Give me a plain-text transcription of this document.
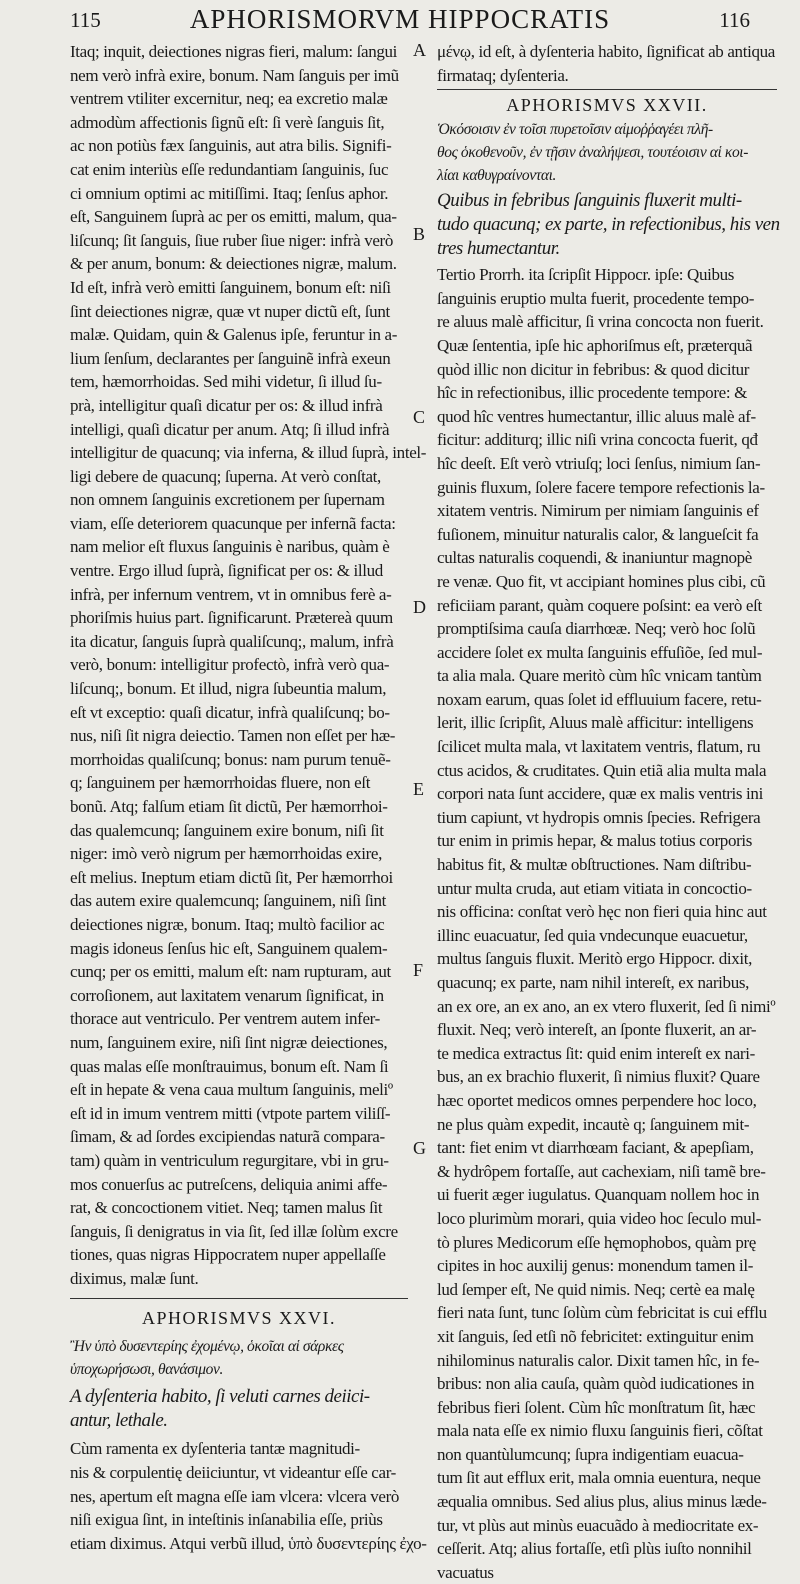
115	APHORISMORVM HIPPOCRATIS	116
Itaq; inquit, deiectiones nigras fieri, malum: ſangui
nem verò infrà exire, bonum. Nam ſanguis per imũ
ventrem vtiliter excernitur, neq; ea excretio malæ
admodùm affectionis ſignũ eſt: ſi verè ſanguis ſit,
ac non potiùs fæx ſanguinis, aut atra bilis. Signifi-
cat enim interiùs eſſe redundantiam ſanguinis, ſuc
ci omnium optimi ac mitiſſimi. Itaq; ſenſus aphor.
eſt, Sanguinem ſuprà ac per os emitti, malum, qua-
liſcunq; ſit ſanguis, ſiue ruber ſiue niger: infrà verò
& per anum, bonum: & deiectiones nigræ, malum.
Id eſt, infrà verò emitti ſanguinem, bonum eſt: niſi
ſint deiectiones nigræ, quæ vt nuper dictũ eſt, ſunt
malæ. Quidam, quin & Galenus ipſe, feruntur in a-
lium ſenſum, declarantes per ſanguinẽ infrà exeun
tem, hæmorrhoidas. Sed mihi videtur, ſi illud ſu-
prà, intelligitur quaſi dicatur per os: & illud infrà
intelligi, quaſi dicatur per anum. Atq; ſi illud infrà
intelligitur de quacunq; via inferna, & illud ſuprà, intel-
ligi debere de quacunq; ſuperna. At verò conſtat,
non omnem ſanguinis excretionem per ſupernam
viam, eſſe deteriorem quacunque per infernã facta:
nam melior eſt fluxus ſanguinis è naribus, quàm è
ventre. Ergo illud ſuprà, ſignificat per os: & illud
infrà, per infernum ventrem, vt in omnibus ferè a-
phoriſmis huius part. ſignificarunt. Prætereà quum
ita dicatur, ſanguis ſuprà qualiſcunq;, malum, infrà
verò, bonum: intelligitur profectò, infrà verò qua-
liſcunq;, bonum. Et illud, nigra ſubeuntia malum,
eſt vt exceptio: quaſi dicatur, infrà qualiſcunq; bo-
nus, niſi ſit nigra deiectio. Tamen non eſſet per hæ-
morrhoidas qualiſcunq; bonus: nam purum tenuẽ-
q; ſanguinem per hæmorrhoidas fluere, non eſt
bonũ. Atq; falſum etiam ſit dictũ, Per hæmorrhoi-
das qualemcunq; ſanguinem exire bonum, niſi ſit
niger: imò verò nigrum per hæmorrhoidas exire,
eſt melius. Ineptum etiam dictũ ſit, Per hæmorrhoi
das autem exire qualemcunq; ſanguinem, niſi ſint
deiectiones nigræ, bonum. Itaq; multò facilior ac
magis idoneus ſenſus hic eſt, Sanguinem qualem-
cunq; per os emitti, malum eſt: nam rupturam, aut
corroſionem, aut laxitatem venarum ſignificat, in
thorace aut ventriculo. Per ventrem autem infer-
num, ſanguinem exire, niſi ſint nigræ deiectiones,
quas malas eſſe monſtrauimus, bonum eſt. Nam ſi
eſt in hepate & vena caua multum ſanguinis, meliº
eſt id in imum ventrem mitti (vtpote partem viliſſ-
ſimam, & ad ſordes excipiendas naturã compara-
tam) quàm in ventriculum regurgitare, vbi in gru-
mos conuerſus ac putreſcens, deliquia animi affe-
rat, & concoctionem vitiet. Neq; tamen malus ſit
ſanguis, ſi denigratus in via ſit, ſed illæ ſolùm excre
tiones, quas nigras Hippocratem nuper appellaſſe
diximus, malæ ſunt.
APHORISMVS XXVI.
Ἢν ὑπὸ δυσεντερίης ἐχομένῳ, ὁκοῖαι αἱ σάρκες
ὑποχωρήσωσι, θανάσιμον.
A dyſenteria habito, ſi veluti carnes deiici-
antur, lethale.
Cùm ramenta ex dyſenteria tantæ magnitudi-
nis & corpulentię deiiciuntur, vt videantur eſſe car-
nes, apertum eſt magna eſſe iam vlcera: vlcera verò
niſi exigua ſint, in inteſtinis inſanabilia eſſe, priùs
etiam diximus. Atqui verbũ illud, ὑπὸ δυσεντερίης ἐχο-
μένῳ, id eſt, à dyſenteria habito, ſignificat ab antiqua
firmataq; dyſenteria.
APHORISMVS XXVII.
Ὁκόσοισιν ἐν τοῖσι πυρετοῖσιν αἱμοῤῥαγέει πλῆ-
θος ὁκοθενοῦν, ἐν τῇσιν ἀναλήψεσι, τουτέοισιν αἱ κοι-
λίαι καθυγραίνονται.
Quibus in febribus ſanguinis fluxerit multi-
tudo quacunq; ex parte, in refectionibus, his ven
tres humectantur.
Tertio Prorrh. ita ſcripſit Hippocr. ipſe: Quibus
ſanguinis eruptio multa fuerit, procedente tempo-
re aluus malè afficitur, ſi vrina concocta non fuerit.
Quæ ſententia, ipſe hic aphoriſmus eſt, præterquã
quòd illic non dicitur in febribus: & quod dicitur
hîc in refectionibus, illic procedente tempore: &
quod hîc ventres humectantur, illic aluus malè af-
ficitur: additurq; illic niſi vrina concocta fuerit, qđ
hîc deeſt. Eſt verò vtriuſq; loci ſenſus, nimium ſan-
guinis fluxum, ſolere facere tempore refectionis la-
xitatem ventris. Nimirum per nimiam ſanguinis ef
fuſionem, minuitur naturalis calor, & langueſcit fa
cultas naturalis coquendi, & inaniuntur magnopè
re venæ. Quo fit, vt accipiant homines plus cibi, cũ
reficiiam parant, quàm coquere poſsint: ea verò eſt
promptiſsima cauſa diarrhœæ. Neq; verò hoc ſolũ
accidere ſolet ex multa ſanguinis effuſiõe, ſed mul-
ta alia mala. Quare meritò cùm hîc vnicam tantùm
noxam earum, quas ſolet id effluuium facere, retu-
lerit, illic ſcripſit, Aluus malè afficitur: intelligens
ſcilicet multa mala, vt laxitatem ventris, flatum, ru
ctus acidos, & cruditates. Quin etiã alia multa mala
corpori nata ſunt accidere, quæ ex malis ventris ini
tium capiunt, vt hydropis omnis ſpecies. Refrigera
tur enim in primis hepar, & malus totius corporis
habitus fit, & multæ obſtructiones. Nam diſtribu-
untur multa cruda, aut etiam vitiata in concoctio-
nis officina: conſtat verò hęc non fieri quia hinc aut
illinc euacuatur, ſed quia vndecunque euacuetur,
multus ſanguis fluxit. Meritò ergo Hippocr. dixit,
quacunq; ex parte, nam nihil intereſt, ex naribus,
an ex ore, an ex ano, an ex vtero fluxerit, ſed ſi nimiº
fluxit. Neq; verò intereſt, an ſponte fluxerit, an ar-
te medica extractus ſit: quid enim intereſt ex nari-
bus, an ex brachio fluxerit, ſi nimius fluxit? Quare
hæc oportet medicos omnes perpendere hoc loco,
ne plus quàm expedit, incautè q; ſanguinem mit-
tant: fiet enim vt diarrhœam faciant, & apepſiam,
& hydrôpem fortaſſe, aut cachexiam, niſi tamẽ bre-
ui fuerit æger iugulatus. Quanquam nollem hoc in
loco plurimùm morari, quia video hoc ſeculo mul-
tò plures Medicorum eſſe hęmophobos, quàm prę
cipites in hoc auxilij genus: monendum tamen il-
lud ſemper eſt, Ne quid nimis. Neq; certè ea malę
fieri nata ſunt, tunc ſolùm cùm febricitat is cui efflu
xit ſanguis, ſed etſi nõ febricitet: extinguitur enim
nihilominus naturalis calor. Dixit tamen hîc, in fe-
bribus: non alia cauſa, quàm quòd iudicationes in
febribus fieri ſolent. Cùm hîc monſtratum ſit, hæc
mala nata eſſe ex nimio fluxu ſanguinis fieri, cõſtat
non quantùlumcunq; ſupra indigentiam euacua-
tum ſit aut efflux erit, mala omnia euentura, neque
æqualia omnibus. Sed alius plus, alius minus læde-
tur, vt plùs aut minùs euacuãdo à mediocritate ex-
ceſſerit. Atq; alius fortaſſe, etſi plùs iuſto nonnihil
vacuatus
A
B
C
D
E
F
G
